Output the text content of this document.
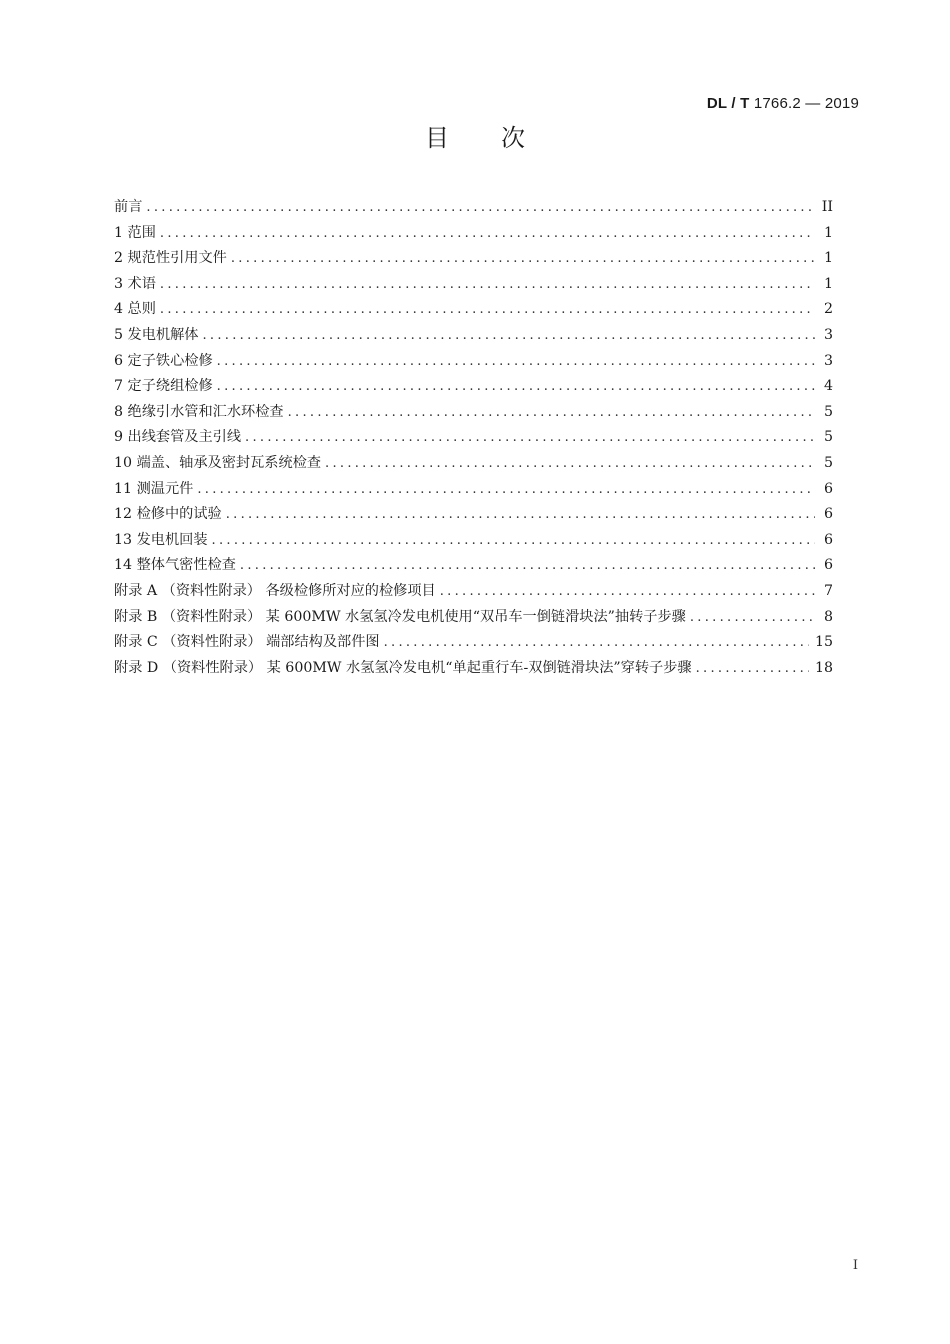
DL / T 1766.2 — 2019
目 次
前言 .....	II
1 范围 .....	1
2 规范性引用文件 .....	1
3 术语 .....	1
4 总则 .....	2
5 发电机解体 .....	3
6 定子铁心检修 .....	3
7 定子绕组检修 .....	4
8 绝缘引水管和汇水环检查 .....	5
9 出线套管及主引线 .....	5
10 端盖、轴承及密封瓦系统检查 .....	5
11 测温元件 .....	6
12 检修中的试验 .....	6
13 发电机回装 .....	6
14 整体气密性检查 .....	6
附录 A （资料性附录） 各级检修所对应的检修项目 .....	7
附录 B （资料性附录） 某 600MW 水氢氢冷发电机使用“双吊车一倒链滑块法”抽转子步骤 .....	8
附录 C （资料性附录） 端部结构及部件图 .....	15
附录 D （资料性附录） 某 600MW 水氢氢冷发电机“单起重行车-双倒链滑块法”穿转子步骤 .....	18
I
